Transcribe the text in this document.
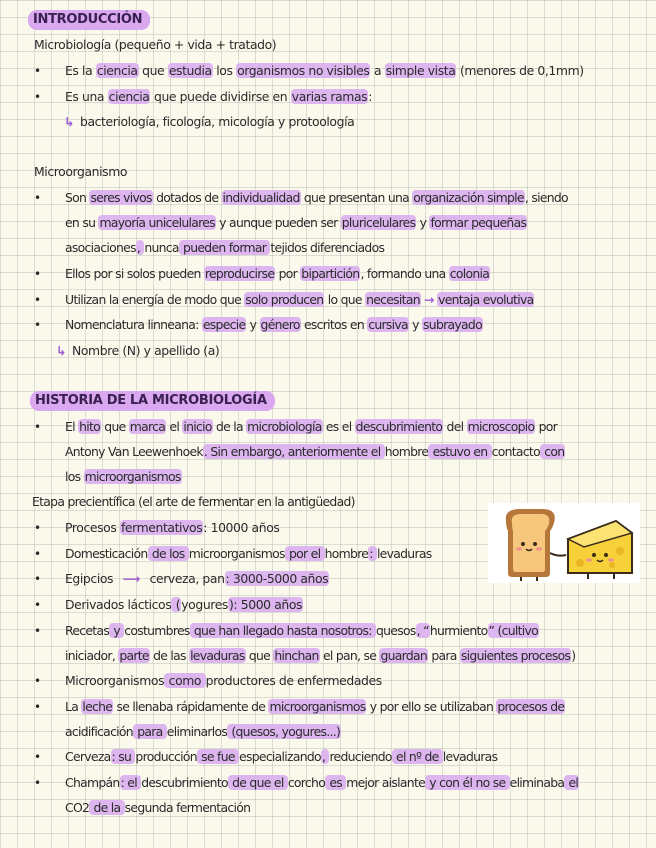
INTRODUCCIÓN
Microbiología (pequeño + vida + tratado)
• Es la ciencia que estudia los organismos no visibles a simple vista (menores de 0,1mm)
• Es una ciencia que puede dividirse en varias ramas:
↳ bacteriología, ficología, micología y protoología
Microorganismo
• Son seres vivos dotados de individualidad que presentan una organización simple, siendo
en su mayoría unicelulares y aunque pueden ser pluricelulares y formar pequeñas
asociaciones, nunca pueden formar tejidos diferenciados
• Ellos por si solos pueden reproducirse por bipartición, formando una colonia
• Utilizan la energía de modo que solo producen lo que necesitan → ventaja evolutiva
• Nomenclatura linneana: especie y género escritos en cursiva y subrayado
↳ Nombre (N) y apellido (a)
HISTORIA DE LA MICROBIOLOGÍA
• El hito que marca el inicio de la microbiología es el descubrimiento del microscopio por
Antony Van Leewenhoek. Sin embargo, anteriormente el hombre estuvo en contacto con
los microorganismos
Etapa precientífica (el arte de fermentar en la antigüedad)
• Procesos fermentativos: 10000 años
• Domesticación de los microorganismos por el hombre: levaduras
• Egipcios ⟶ cerveza, pan: 3000-5000 años
• Derivados lácticos (yogures): 5000 años
• Recetas y costumbres que han llegado hasta nosotros: quesos, “hurmiento” (cultivo
iniciador, parte de las levaduras que hinchan el pan, se guardan para siguientes procesos)
• Microorganismos como productores de enfermedades
• La leche se llenaba rápidamente de microorganismos y por ello se utilizaban procesos de
acidificación para eliminarlos (quesos, yogures...)
• Cerveza: su producción se fue especializando, reduciendo el nº de levaduras
• Champán: el descubrimiento de que el corcho es mejor aislante y con él no se eliminaba el
CO2 de la segunda fermentación
